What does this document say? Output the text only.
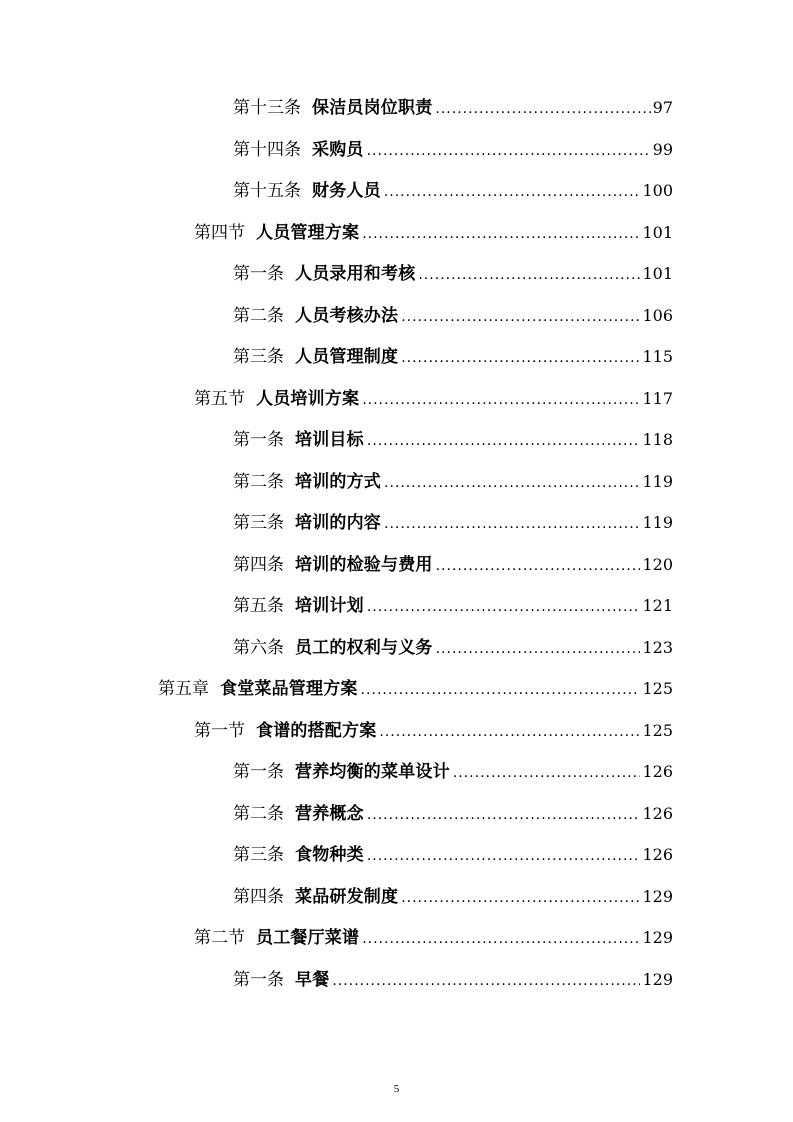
第十三条 保洁员岗位职责 .....	97
第十四条 采购员 .....	99
第十五条 财务人员 .....	100
第四节 人员管理方案 .....	101
第一条 人员录用和考核 .....	101
第二条 人员考核办法 .....	106
第三条 人员管理制度 .....	115
第五节 人员培训方案 .....	117
第一条 培训目标 .....	118
第二条 培训的方式 .....	119
第三条 培训的内容 .....	119
第四条 培训的检验与费用 .....	120
第五条 培训计划 .....	121
第六条 员工的权利与义务 .....	123
第五章 食堂菜品管理方案 .....	125
第一节 食谱的搭配方案 .....	125
第一条 营养均衡的菜单设计 .....	126
第二条 营养概念 .....	126
第三条 食物种类 .....	126
第四条 菜品研发制度 .....	129
第二节 员工餐厅菜谱 .....	129
第一条 早餐 .....	129
5
